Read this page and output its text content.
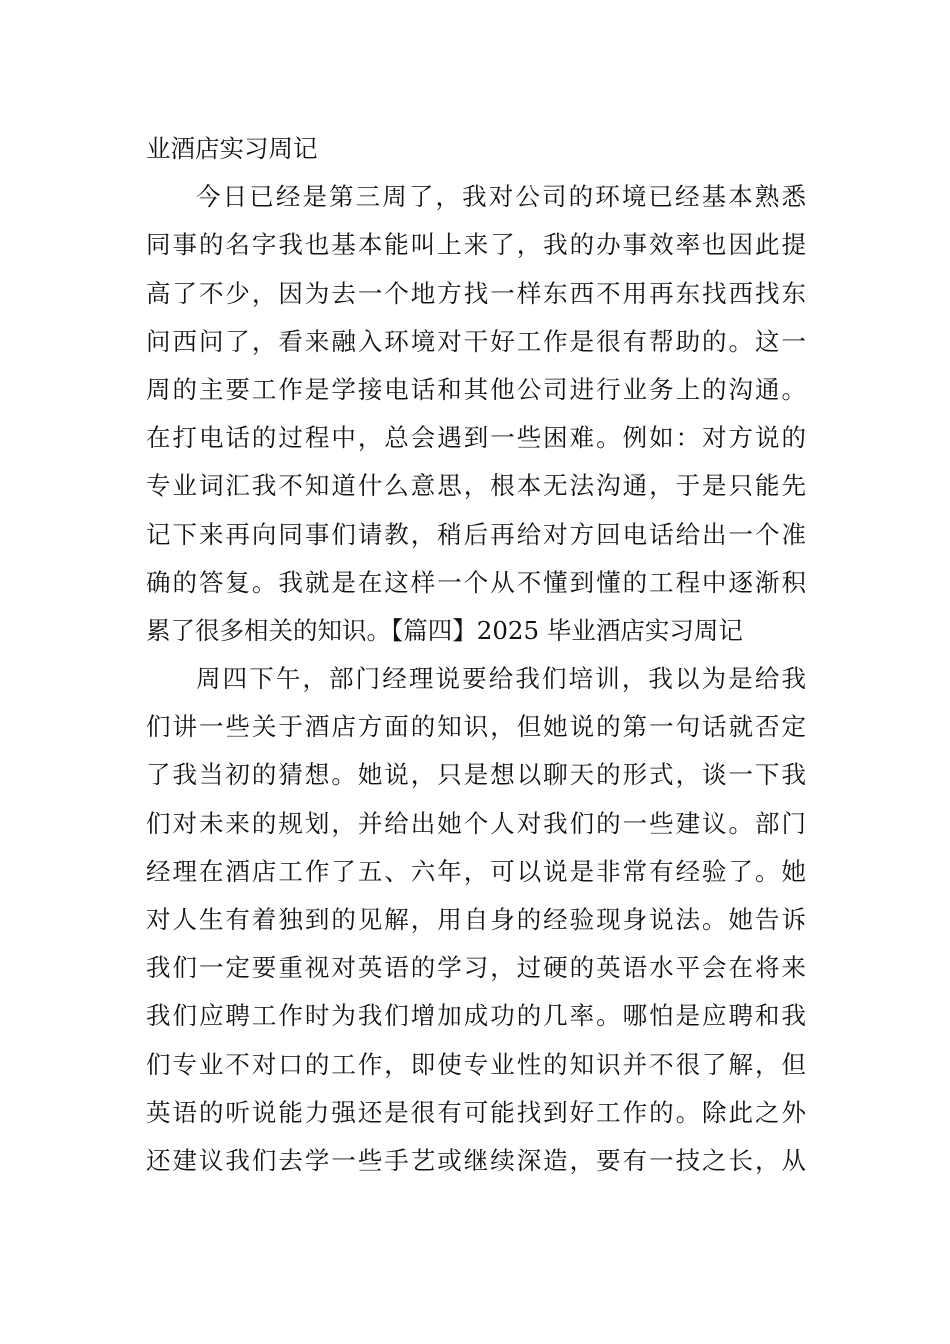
业酒店实习周记
今日已经是第三周了，我对公司的环境已经基本熟悉
同事的名字我也基本能叫上来了，我的办事效率也因此提
高了不少，因为去一个地方找一样东西不用再东找西找东
问西问了，看来融入环境对干好工作是很有帮助的。这一
周的主要工作是学接电话和其他公司进行业务上的沟通。
在打电话的过程中，总会遇到一些困难。例如：对方说的
专业词汇我不知道什么意思，根本无法沟通，于是只能先
记下来再向同事们请教，稍后再给对方回电话给出一个准
确的答复。我就是在这样一个从不懂到懂的工程中逐渐积
累了很多相关的知识。【篇四】2025 毕业酒店实习周记
周四下午，部门经理说要给我们培训，我以为是给我
们讲一些关于酒店方面的知识，但她说的第一句话就否定
了我当初的猜想。她说，只是想以聊天的形式，谈一下我
们对未来的规划，并给出她个人对我们的一些建议。部门
经理在酒店工作了五、六年，可以说是非常有经验了。她
对人生有着独到的见解，用自身的经验现身说法。她告诉
我们一定要重视对英语的学习，过硬的英语水平会在将来
我们应聘工作时为我们增加成功的几率。哪怕是应聘和我
们专业不对口的工作，即使专业性的知识并不很了解，但
英语的听说能力强还是很有可能找到好工作的。除此之外
还建议我们去学一些手艺或继续深造，要有一技之长，从
